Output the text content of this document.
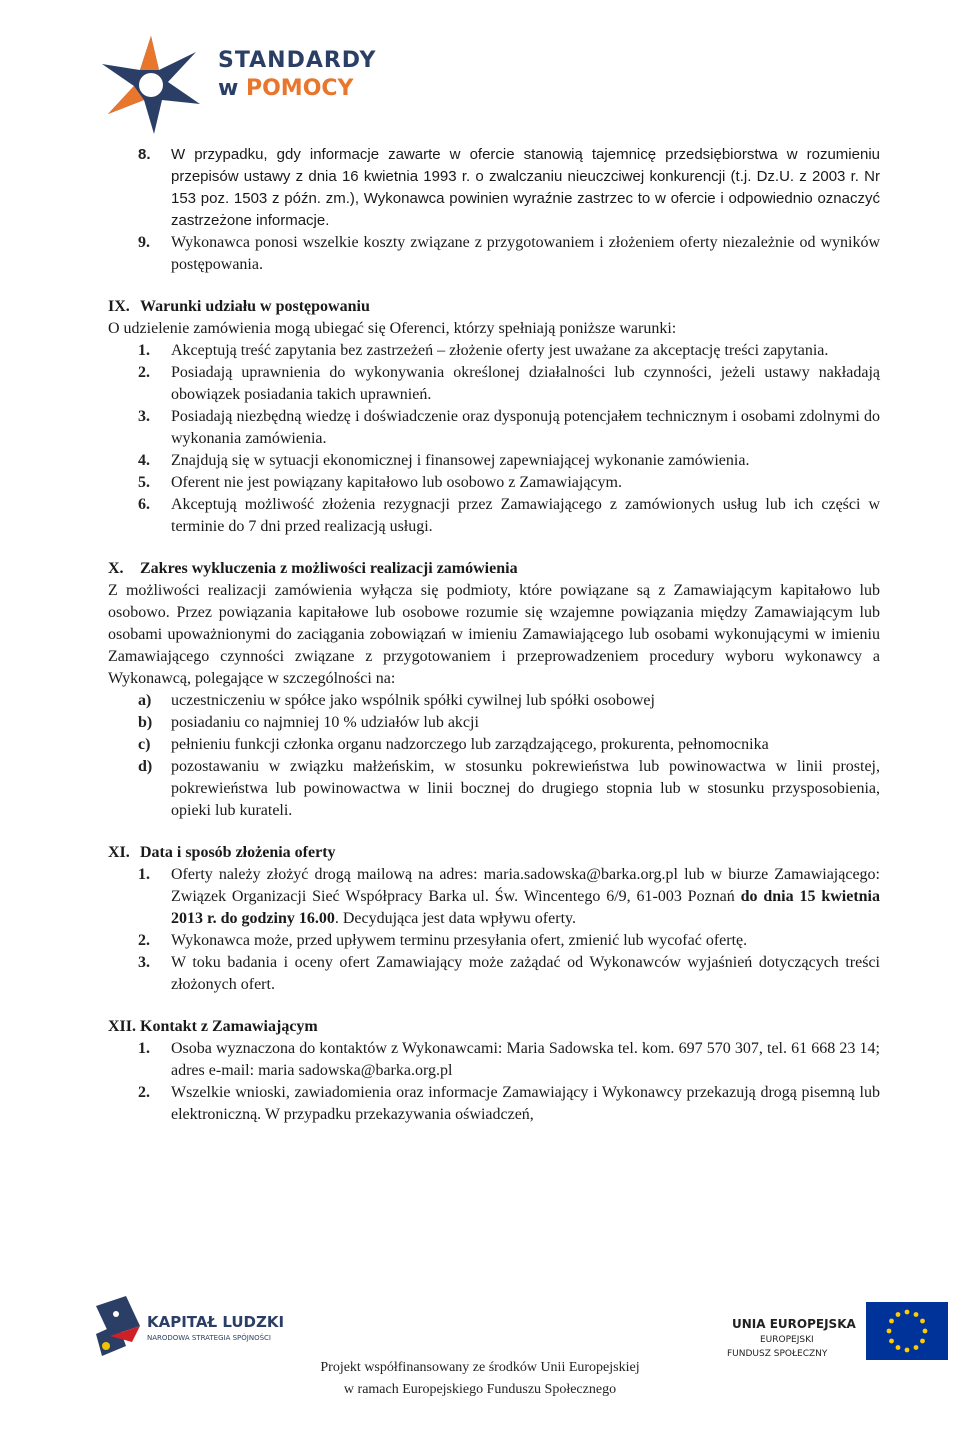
STANDARDY
w POMOCY
8.	W przypadku, gdy informacje zawarte w ofercie stanowią tajemnicę przedsiębiorstwa w rozumieniu przepisów ustawy z dnia 16 kwietnia 1993 r. o zwalczaniu nieuczciwej konkurencji (t.j. Dz.U. z 2003 r. Nr 153 poz. 1503 z późn. zm.), Wykonawca powinien wyraźnie zastrzec to w ofercie i odpowiednio oznaczyć zastrzeżone informacje.
9.	Wykonawca ponosi wszelkie koszty związane z przygotowaniem i złożeniem oferty niezależnie od wyników postępowania.
IX. Warunki udziału w postępowaniu
O udzielenie zamówienia mogą ubiegać się Oferenci, którzy spełniają poniższe warunki:
1.	Akceptują treść zapytania bez zastrzeżeń – złożenie oferty jest uważane za akceptację treści zapytania.
2.	Posiadają uprawnienia do wykonywania określonej działalności lub czynności, jeżeli ustawy nakładają obowiązek posiadania takich uprawnień.
3.	Posiadają niezbędną wiedzę i doświadczenie oraz dysponują potencjałem technicznym i osobami zdolnymi do wykonania zamówienia.
4.	Znajdują się w sytuacji ekonomicznej i finansowej zapewniającej wykonanie zamówienia.
5.	Oferent nie jest powiązany kapitałowo lub osobowo z Zamawiającym.
6.	Akceptują możliwość złożenia rezygnacji przez Zamawiającego z zamówionych usług lub ich części w terminie do 7 dni przed realizacją usługi.
X.	Zakres wykluczenia z możliwości realizacji zamówienia
Z możliwości realizacji zamówienia wyłącza się podmioty, które powiązane są z Zamawiającym kapitałowo lub osobowo. Przez powiązania kapitałowe lub osobowe rozumie się wzajemne powiązania między Zamawiającym lub osobami upoważnionymi do zaciągania zobowiązań w imieniu Zamawiającego lub osobami wykonującymi w imieniu Zamawiającego czynności związane z przygotowaniem i przeprowadzeniem procedury wyboru wykonawcy a Wykonawcą, polegające w szczególności na:
a)	uczestniczeniu w spółce jako wspólnik spółki cywilnej lub spółki osobowej
b)	posiadaniu co najmniej 10 % udziałów lub akcji
c)	pełnieniu funkcji członka organu nadzorczego lub zarządzającego, prokurenta, pełnomocnika
d)	pozostawaniu w związku małżeńskim, w stosunku pokrewieństwa lub powinowactwa w linii prostej, pokrewieństwa lub powinowactwa w linii bocznej do drugiego stopnia lub w stosunku przysposobienia, opieki lub kurateli.
XI. Data i sposób złożenia oferty
1.	Oferty należy złożyć drogą mailową na adres: maria.sadowska@barka.org.pl lub w biurze Zamawiającego: Związek Organizacji Sieć Współpracy Barka ul. Św. Wincentego 6/9, 61-003 Poznań do dnia 15 kwietnia 2013 r. do godziny 16.00. Decydująca jest data wpływu oferty.
2.	Wykonawca może, przed upływem terminu przesyłania ofert, zmienić lub wycofać ofertę.
3.	W toku badania i oceny ofert Zamawiający może zażądać od Wykonawców wyjaśnień dotyczących treści złożonych ofert.
XII. Kontakt z Zamawiającym
1.	Osoba wyznaczona do kontaktów z Wykonawcami: Maria Sadowska tel. kom. 697 570 307, tel. 61 668 23 14; adres e-mail: maria sadowska@barka.org.pl
2.	Wszelkie wnioski, zawiadomienia oraz informacje Zamawiający i Wykonawcy przekazują drogą pisemną lub elektroniczną. W przypadku przekazywania oświadczeń,
KAPITAŁ LUDZKI
NARODOWA STRATEGIA SPÓJNOŚCI
UNIA EUROPEJSKA
EUROPEJSKI
FUNDUSZ SPOŁECZNY
Projekt współfinansowany ze środków Unii Europejskiej
w ramach Europejskiego Funduszu Społecznego
